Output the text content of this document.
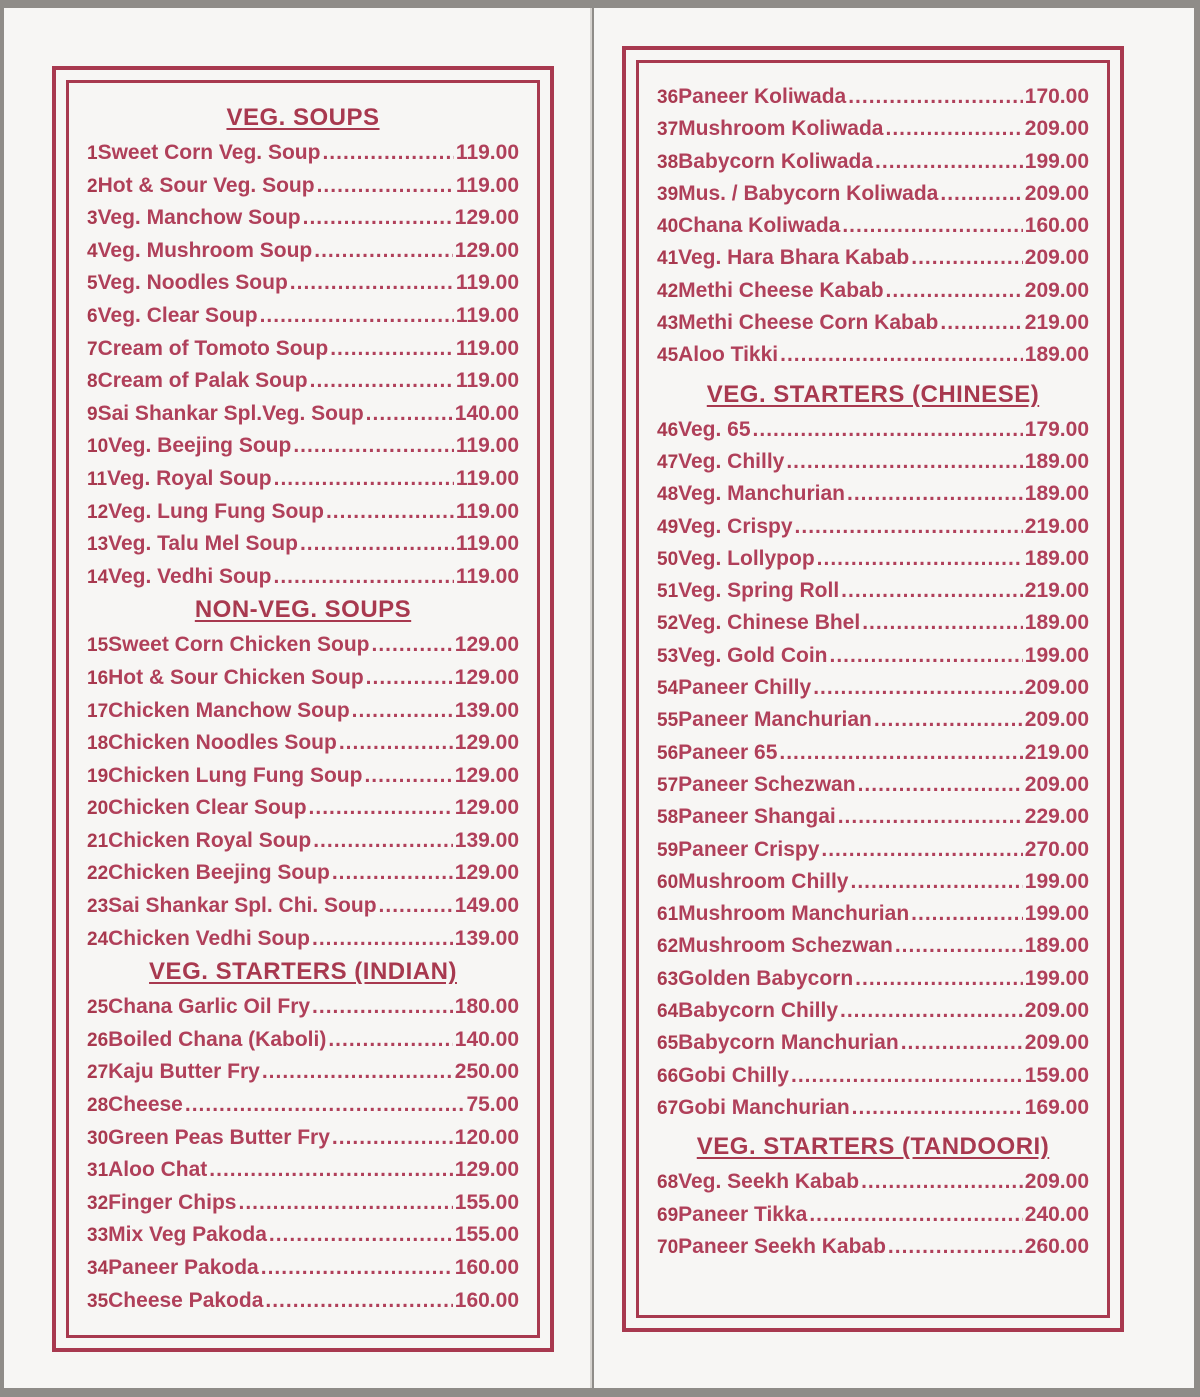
VEG. SOUPS
1 Sweet Corn Veg. Soup .....	119.00
2 Hot & Sour Veg. Soup .....	119.00
3 Veg. Manchow Soup .....	129.00
4 Veg. Mushroom Soup .....	129.00
5 Veg. Noodles Soup .....	119.00
6 Veg. Clear Soup .....	119.00
7 Cream of Tomoto Soup .....	119.00
8 Cream of Palak Soup .....	119.00
9 Sai Shankar Spl.Veg. Soup .....	140.00
10 Veg. Beejing Soup .....	119.00
11 Veg. Royal Soup .....	119.00
12 Veg. Lung Fung Soup .....	119.00
13 Veg. Talu Mel Soup .....	119.00
14 Veg. Vedhi Soup .....	119.00
NON-VEG. SOUPS
15 Sweet Corn Chicken Soup .....	129.00
16 Hot & Sour Chicken Soup .....	129.00
17 Chicken Manchow Soup .....	139.00
18 Chicken Noodles Soup .....	129.00
19 Chicken Lung Fung Soup .....	129.00
20 Chicken Clear Soup .....	129.00
21 Chicken Royal Soup .....	139.00
22 Chicken Beejing Soup .....	129.00
23 Sai Shankar Spl. Chi. Soup .....	149.00
24 Chicken Vedhi Soup .....	139.00
VEG. STARTERS (INDIAN)
25 Chana Garlic Oil Fry .....	180.00
26 Boiled Chana (Kaboli) .....	140.00
27 Kaju Butter Fry .....	250.00
28 Cheese .....	75.00
30 Green Peas Butter Fry .....	120.00
31 Aloo Chat .....	129.00
32 Finger Chips .....	155.00
33 Mix Veg Pakoda .....	155.00
34 Paneer Pakoda .....	160.00
35 Cheese Pakoda .....	160.00
36 Paneer Koliwada .....	170.00
37 Mushroom Koliwada .....	209.00
38 Babycorn Koliwada .....	199.00
39 Mus. / Babycorn Koliwada .....	209.00
40 Chana Koliwada .....	160.00
41 Veg. Hara Bhara Kabab .....	209.00
42 Methi Cheese Kabab .....	209.00
43 Methi Cheese Corn Kabab .....	219.00
45 Aloo Tikki .....	189.00
VEG. STARTERS (CHINESE)
46 Veg. 65 .....	179.00
47 Veg. Chilly .....	189.00
48 Veg. Manchurian .....	189.00
49 Veg. Crispy .....	219.00
50 Veg. Lollypop .....	189.00
51 Veg. Spring Roll .....	219.00
52 Veg. Chinese Bhel .....	189.00
53 Veg. Gold Coin .....	199.00
54 Paneer Chilly .....	209.00
55 Paneer Manchurian .....	209.00
56 Paneer 65 .....	219.00
57 Paneer Schezwan .....	209.00
58 Paneer Shangai .....	229.00
59 Paneer Crispy .....	270.00
60 Mushroom Chilly .....	199.00
61 Mushroom Manchurian .....	199.00
62 Mushroom Schezwan .....	189.00
63 Golden Babycorn .....	199.00
64 Babycorn Chilly .....	209.00
65 Babycorn Manchurian .....	209.00
66 Gobi Chilly .....	159.00
67 Gobi Manchurian .....	169.00
VEG. STARTERS (TANDOORI)
68 Veg. Seekh Kabab .....	209.00
69 Paneer Tikka .....	240.00
70 Paneer Seekh Kabab .....	260.00
